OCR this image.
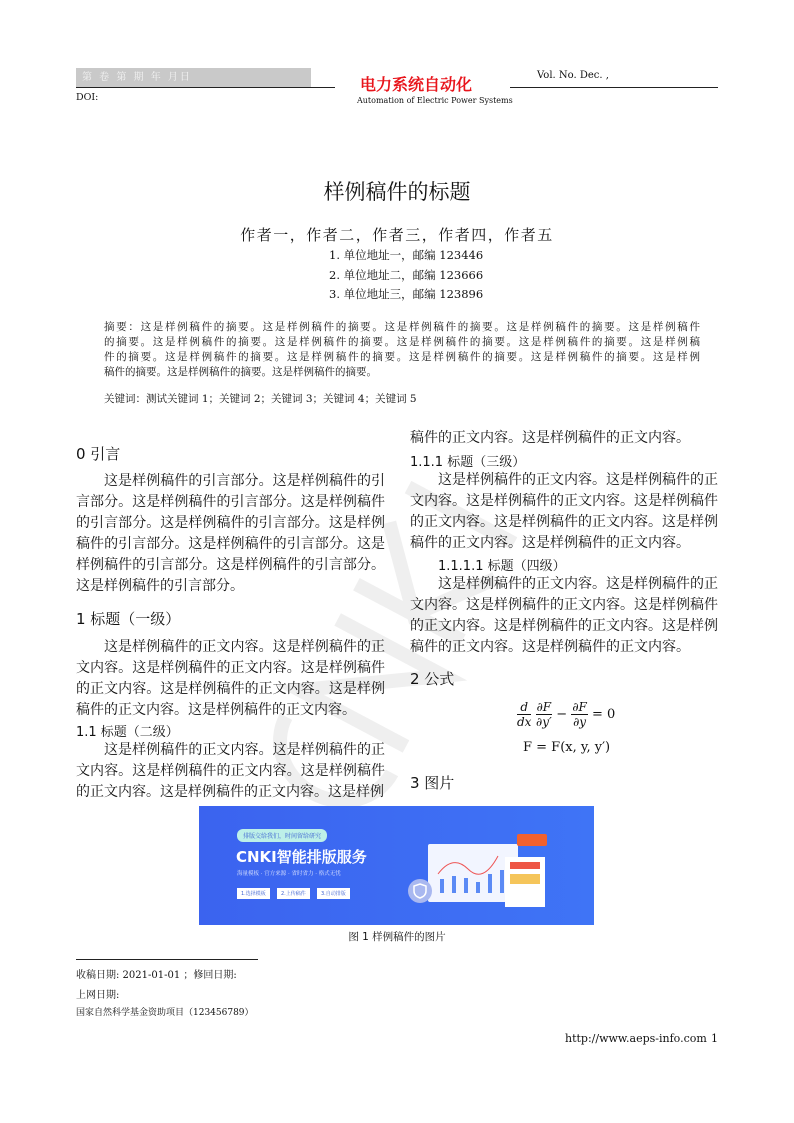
第 卷 第 期 年 月日	电力系统自动化	Vol. No. Dec. ,
DOI:	Automation of Electric Power Systems
样例稿件的标题
作者一，作者二，作者三，作者四，作者五
1. 单位地址一，邮编 123446
2. 单位地址二，邮编 123666
3. 单位地址三，邮编 123896
关键词：测试关键词 1；关键词 2；关键词 3；关键词 4；关键词 5
0 引言
1 标题（一级）
1.1 标题（二级）
1.1.1 标题（三级）
1.1.1.1 标题（四级）
2 公式
3 图片
$\frac{d}{dx}$
$\frac{\partial F}{\partial y'} - \frac{\partial F}{\partial y} = 0$
F = F(x, y, y′)
排版交给我们，时间留给研究
CNKI智能排版服务
海量模板 · 官方来源 · 省时省力 · 格式无忧
1.选择模板	2.上传稿件	3.自动排版
图 1 样例稿件的图片
收稿日期: 2021-01-01 ；修回日期:
上网日期:
国家自然科学基金资助项目（123456789）
http://www.aeps-info.com 1
摘要：这是样例稿件的摘要。这是样例稿件的摘要。这是样例稿件的摘要。这是样例稿件的摘要。这是样例稿件
的摘要。这是样例稿件的摘要。这是样例稿件的摘要。这是样例稿件的摘要。这是样例稿件的摘要。这是样例稿
件的摘要。这是样例稿件的摘要。这是样例稿件的摘要。这是样例稿件的摘要。这是样例稿件的摘要。这是样例
稿件的摘要。这是样例稿件的摘要。这是样例稿件的摘要。
这是样例稿件的引言部分。这是样例稿件的引
言部分。这是样例稿件的引言部分。这是样例稿件
的引言部分。这是样例稿件的引言部分。这是样例
稿件的引言部分。这是样例稿件的引言部分。这是
样例稿件的引言部分。这是样例稿件的引言部分。
这是样例稿件的引言部分。
这是样例稿件的正文内容。这是样例稿件的正
文内容。这是样例稿件的正文内容。这是样例稿件
的正文内容。这是样例稿件的正文内容。这是样例
稿件的正文内容。这是样例稿件的正文内容。
这是样例稿件的正文内容。这是样例稿件的正
文内容。这是样例稿件的正文内容。这是样例稿件
的正文内容。这是样例稿件的正文内容。这是样例
稿件的正文内容。这是样例稿件的正文内容。
这是样例稿件的正文内容。这是样例稿件的正
文内容。这是样例稿件的正文内容。这是样例稿件
的正文内容。这是样例稿件的正文内容。这是样例
稿件的正文内容。这是样例稿件的正文内容。
这是样例稿件的正文内容。这是样例稿件的正
文内容。这是样例稿件的正文内容。这是样例稿件
的正文内容。这是样例稿件的正文内容。这是样例
稿件的正文内容。这是样例稿件的正文内容。
